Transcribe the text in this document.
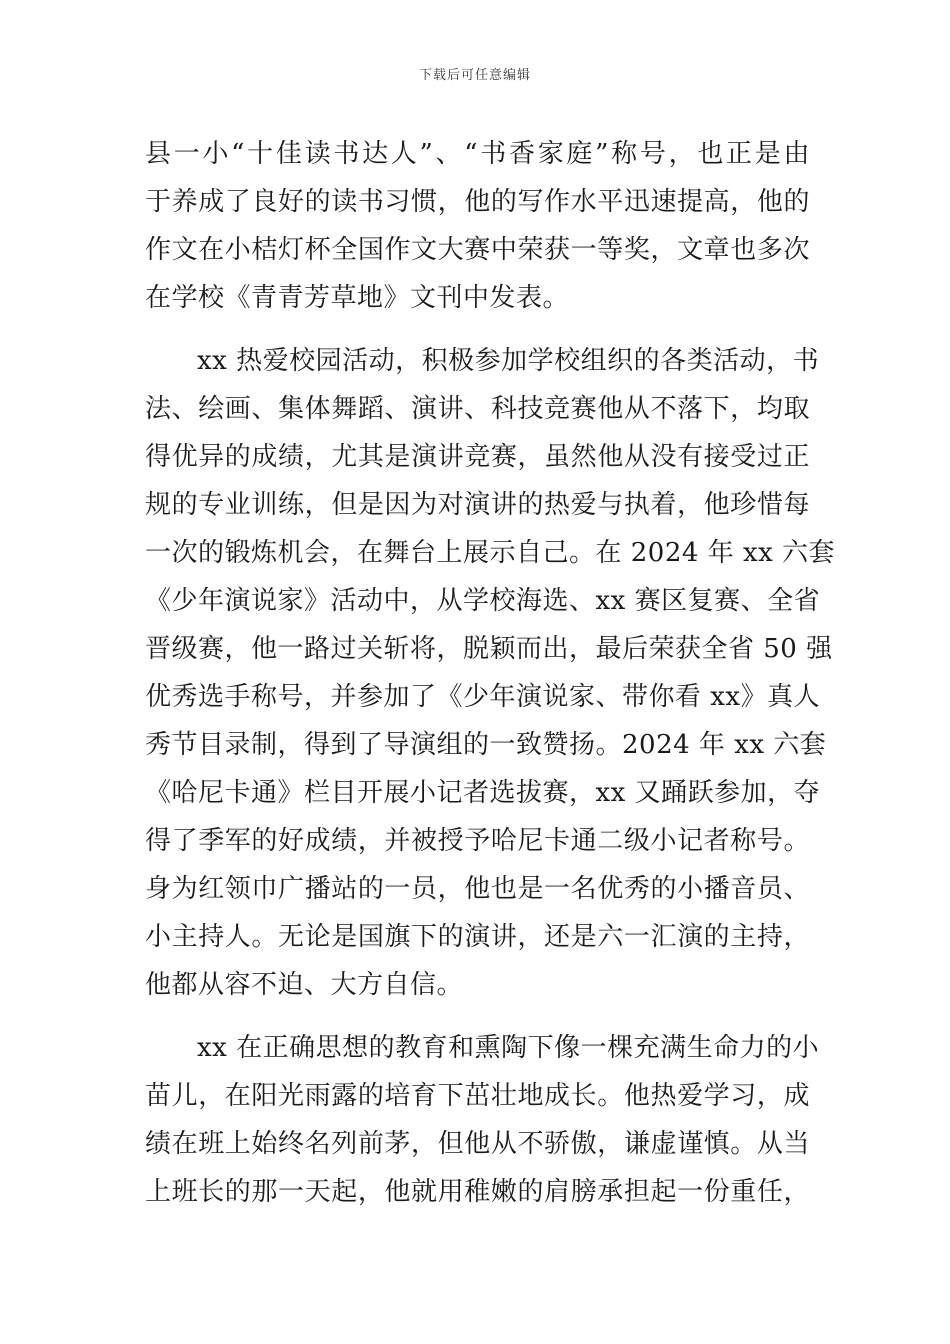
下载后可任意编辑
县一小“十佳读书达人”、“书香家庭”称号，也正是由
于养成了良好的读书习惯，他的写作水平迅速提高，他的
作文在小桔灯杯全国作文大赛中荣获一等奖，文章也多次
在学校《青青芳草地》文刊中发表。
xx 热爱校园活动，积极参加学校组织的各类活动，书
法、绘画、集体舞蹈、演讲、科技竞赛他从不落下，均取
得优异的成绩，尤其是演讲竞赛，虽然他从没有接受过正
规的专业训练，但是因为对演讲的热爱与执着，他珍惜每
一次的锻炼机会，在舞台上展示自己。在 2024 年 xx 六套
《少年演说家》活动中，从学校海选、xx 赛区复赛、全省
晋级赛，他一路过关斩将，脱颖而出，最后荣获全省 50 强
优秀选手称号，并参加了《少年演说家、带你看 xx》真人
秀节目录制，得到了导演组的一致赞扬。2024 年 xx 六套
《哈尼卡通》栏目开展小记者选拔赛，xx 又踊跃参加，夺
得了季军的好成绩，并被授予哈尼卡通二级小记者称号。
身为红领巾广播站的一员，他也是一名优秀的小播音员、
小主持人。无论是国旗下的演讲，还是六一汇演的主持，
他都从容不迫、大方自信。
xx 在正确思想的教育和熏陶下像一棵充满生命力的小
苗儿，在阳光雨露的培育下茁壮地成长。他热爱学习，成
绩在班上始终名列前茅，但他从不骄傲，谦虚谨慎。从当
上班长的那一天起，他就用稚嫩的肩膀承担起一份重任，
